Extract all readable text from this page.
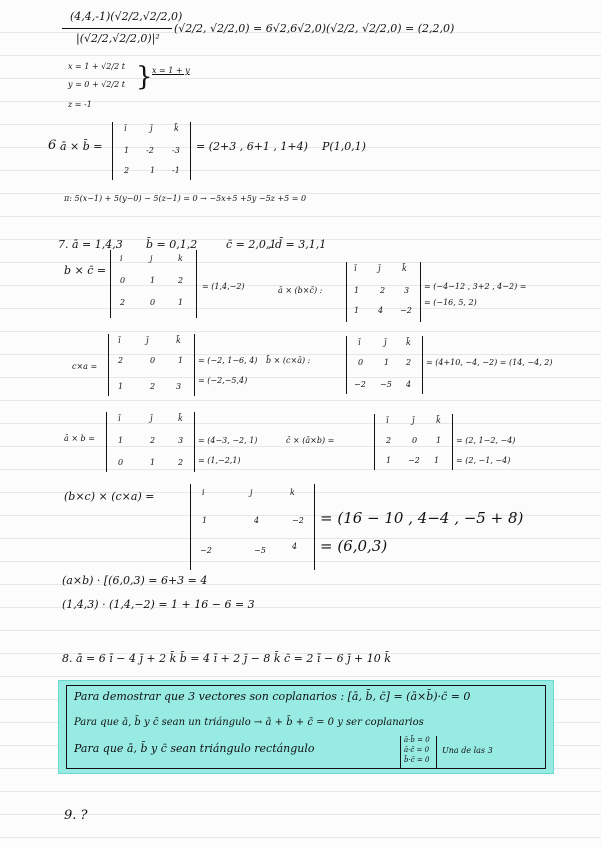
(4,4,-1)(√2/2,√2/2,0)
|(√2/2,√2/2,0)|²
(√2/2, √2/2,0) = 6√2,6√2,0)(√2/2, √2/2,0) = (2,2,0)
x = 1 + √2/2 t
y = 0 + √2/2 t } x = 1 + y
z = -1
6 ā × b̄ =
ī	j̄	k̄
1 -2 -3
2	1 -1
= (2+3 , 6+1 , 1+4) P(1,0,1)
π: 5(x−1) + 5(y−0) − 5(z−1) = 0 → −5x+5 +5y −5z +5 = 0
7. ā = 1,4,3 b̄ = 0,1,2	c̄ = 2,0,1
, d̄ = 3,1,1
b × c̄ =
i	j	k
0	1	2
2	0	1
= (1,4,−2)	ā × (b×c̄) :
ī	j̄	k̄
1	2 3
1 4 −2
= (−4−12 , 3+2 , 4−2) =
= (−16, 5, 2)
c×a =
ī	j̄	k̄
2	0	1
1	2	3
= (−2, 1−6, 4)
= (−2,−5,4)
b̄ × (c×ā) :
ī	j̄ k̄
0	1 2
−2 −5 4
= (4+10, −4, −2) = (14, −4, 2)
ā × b =
ī	j̄	k̄
1	2	3
0	1	2
= (4−3, −2, 1)
= (1,−2,1)
c̄ × (ā×b) =
ī	j̄	k̄
2	0 1
1 −2 1
= (2, 1−2, −4)
= (2, −1, −4)
(b×c) × (c×a) =	i	j	k
1	4	−2
−2	−5	4
= (16 − 10 , 4−4 , −5 + 8)
= (6,0,3)
(a×b) · [(6,0,3) = 6+3 = 4
(1,4,3) · (1,4,−2) = 1 + 16 − 6 = 3
8. ā = 6 ī − 4 j̄ + 2 k̄ b̄ = 4 ī + 2 j̄ − 8 k̄ c̄ = 2 ī − 6 j̄ + 10 k̄
Para demostrar que 3 vectores son coplanarios : [ā, b̄, c̄] = (ā×b̄)·c̄ = 0
Para que ā, b̄ y c̄ sean un triángulo → ā + b̄ + c̄ = 0 y ser coplanarios
Para que ā, b̄ y c̄ sean triángulo rectángulo
ā·b̄ = 0
ā·c̄ = 0
b̄·c̄ = 0
Una de las 3
9. ?
